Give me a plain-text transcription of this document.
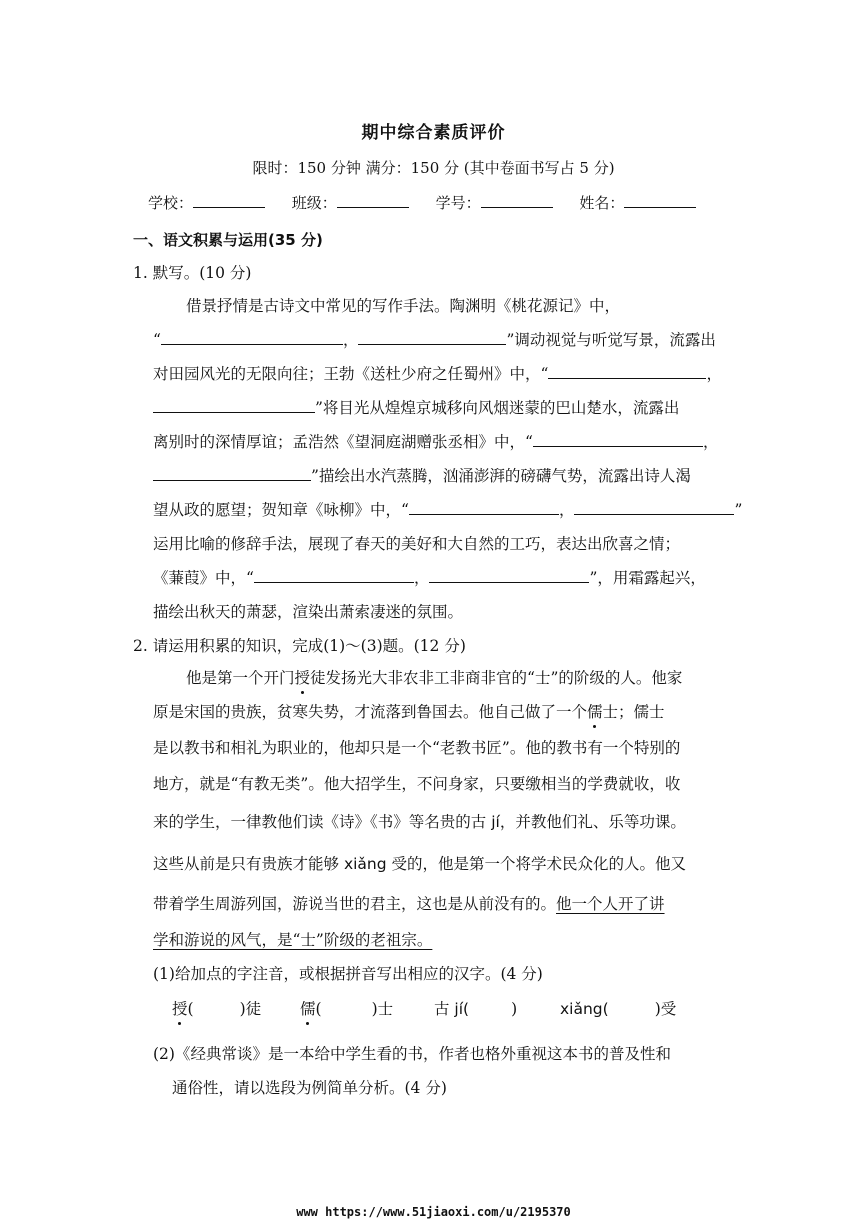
期中综合素质评价
限时：150 分钟 满分：150 分 (其中卷面书写占 5 分)
学校：	班级：	学号：	姓名：
一、语文积累与运用(35 分)
1. 默写。(10 分)
借景抒情是古诗文中常见的写作手法。陶渊明《桃花源记》中，
“	，	”调动视觉与听觉写景，流露出
对田园风光的无限向往；王勃《送杜少府之任蜀州》中，“	，
”将目光从煌煌京城移向风烟迷蒙的巴山楚水，流露出
离别时的深情厚谊；孟浩然《望洞庭湖赠张丞相》中，“	，
”描绘出水汽蒸腾，汹涌澎湃的磅礴气势，流露出诗人渴
望从政的愿望；贺知章《咏柳》中，“	，	”
运用比喻的修辞手法，展现了春天的美好和大自然的工巧，表达出欣喜之情；
《蒹葭》中，“	，	”，用霜露起兴，
描绘出秋天的萧瑟，渲染出萧索凄迷的氛围。
2. 请运用积累的知识，完成(1)～(3)题。(12 分)
他是第一个开门授徒发扬光大非农非工非商非官的“士”的阶级的人。他家
原是宋国的贵族，贫寒失势，才流落到鲁国去。他自己做了一个儒士；儒士
是以教书和相礼为职业的，他却只是一个“老教书匠”。他的教书有一个特别的
地方，就是“有教无类”。他大招学生，不问身家，只要缴相当的学费就收，收
来的学生，一律教他们读《诗》《书》等名贵的古 jí，并教他们礼、乐等功课。
这些从前是只有贵族才能够 xiǎng 受的，他是第一个将学术民众化的人。他又
带着学生周游列国，游说当世的君主，这也是从前没有的。他一个人开了讲
学和游说的风气，是“士”阶级的老祖宗。
(1)给加点的字注音，或根据拼音写出相应的汉字。(4 分)
授(	)徒	儒(	)士	古 jí(	)	xiǎng(	)受
(2)《经典常谈》是一本给中学生看的书，作者也格外重视这本书的普及性和
通俗性，请以选段为例简单分析。(4 分)
www https://www.51jiaoxi.com/u/2195370
